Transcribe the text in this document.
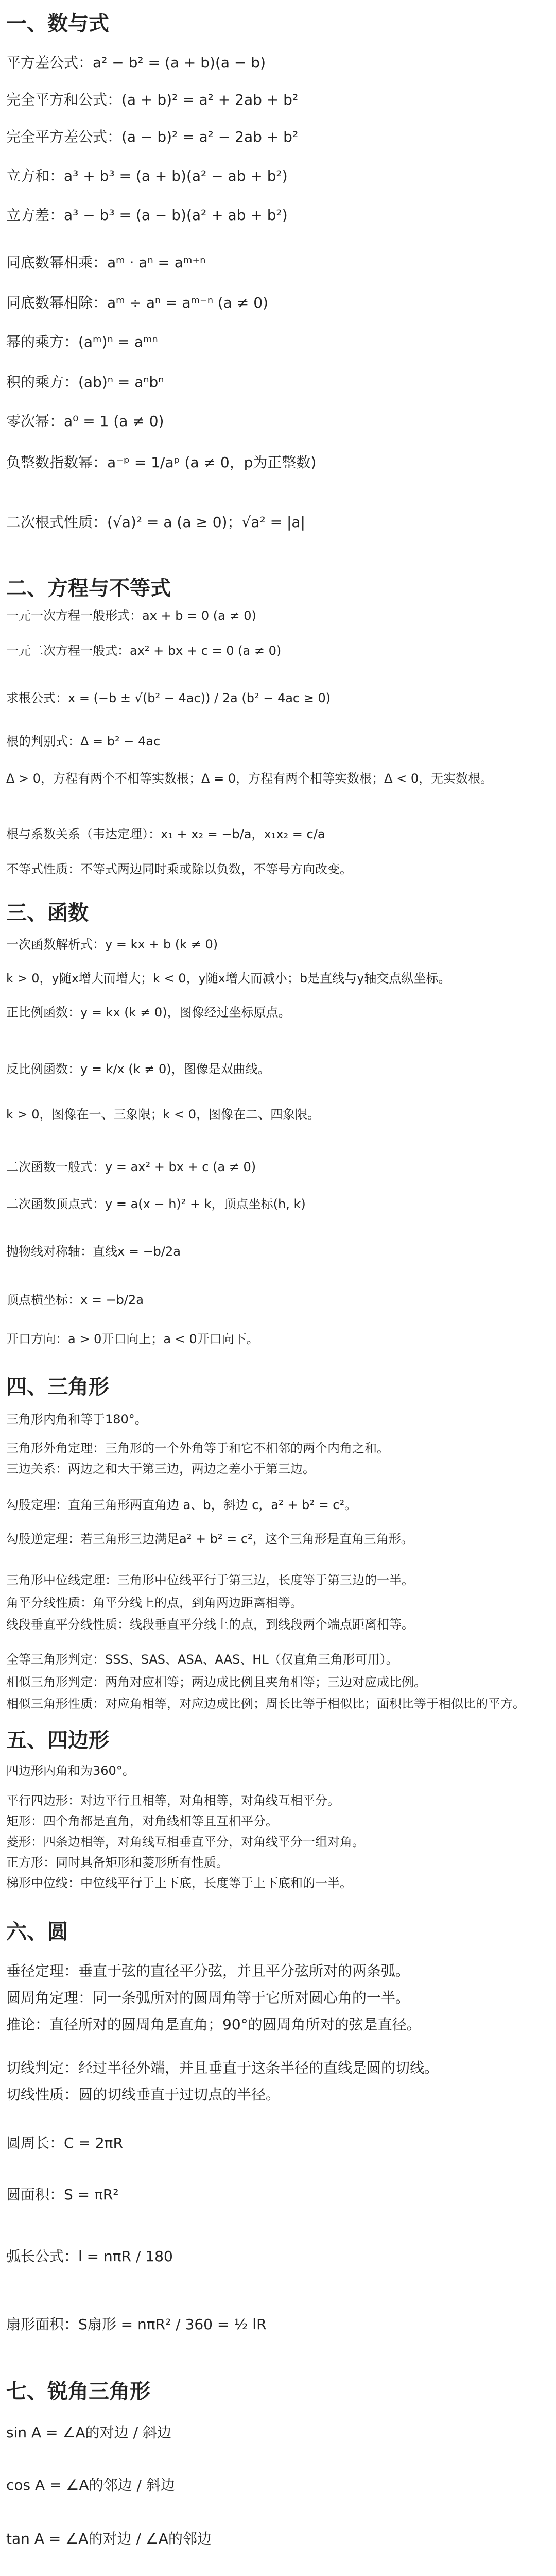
一、数与式
平方差公式：a² − b² = (a + b)(a − b)
完全平方和公式：(a + b)² = a² + 2ab + b²
完全平方差公式：(a − b)² = a² − 2ab + b²
立方和：a³ + b³ = (a + b)(a² − ab + b²)
立方差：a³ − b³ = (a − b)(a² + ab + b²)
同底数幂相乘：aᵐ · aⁿ = aᵐ⁺ⁿ
同底数幂相除：aᵐ ÷ aⁿ = aᵐ⁻ⁿ (a ≠ 0)
幂的乘方：(aᵐ)ⁿ = aᵐⁿ
积的乘方：(ab)ⁿ = aⁿbⁿ
零次幂：a⁰ = 1 (a ≠ 0)
负整数指数幂：a⁻ᵖ = 1/aᵖ (a ≠ 0，p为正整数)
二次根式性质：(√a)² = a (a ≥ 0)；√a² = |a|
二、方程与不等式
一元一次方程一般形式：ax + b = 0 (a ≠ 0)
一元二次方程一般式：ax² + bx + c = 0 (a ≠ 0)
求根公式：x = (−b ± √(b² − 4ac)) / 2a (b² − 4ac ≥ 0)
根的判别式：Δ = b² − 4ac
Δ > 0，方程有两个不相等实数根；Δ = 0，方程有两个相等实数根；Δ < 0，无实数根。
根与系数关系（韦达定理）：x₁ + x₂ = −b/a，x₁x₂ = c/a
不等式性质：不等式两边同时乘或除以负数，不等号方向改变。
三、函数
一次函数解析式：y = kx + b (k ≠ 0)
k > 0，y随x增大而增大；k < 0，y随x增大而减小；b是直线与y轴交点纵坐标。
正比例函数：y = kx (k ≠ 0)，图像经过坐标原点。
反比例函数：y = k/x (k ≠ 0)，图像是双曲线。
k > 0，图像在一、三象限；k < 0，图像在二、四象限。
二次函数一般式：y = ax² + bx + c (a ≠ 0)
二次函数顶点式：y = a(x − h)² + k，顶点坐标(h, k)
抛物线对称轴：直线x = −b/2a
顶点横坐标：x = −b/2a
开口方向：a > 0开口向上；a < 0开口向下。
四、三角形
三角形内角和等于180°。
三角形外角定理：三角形的一个外角等于和它不相邻的两个内角之和。
三边关系：两边之和大于第三边，两边之差小于第三边。
勾股定理：直角三角形两直角边 a、b，斜边 c，a² + b² = c²。
勾股逆定理：若三角形三边满足a² + b² = c²，这个三角形是直角三角形。
三角形中位线定理：三角形中位线平行于第三边，长度等于第三边的一半。
角平分线性质：角平分线上的点，到角两边距离相等。
线段垂直平分线性质：线段垂直平分线上的点，到线段两个端点距离相等。
全等三角形判定：SSS、SAS、ASA、AAS、HL（仅直角三角形可用）。
相似三角形判定：两角对应相等；两边成比例且夹角相等；三边对应成比例。
相似三角形性质：对应角相等，对应边成比例；周长比等于相似比；面积比等于相似比的平方。
五、四边形
四边形内角和为360°。
平行四边形：对边平行且相等，对角相等，对角线互相平分。
矩形：四个角都是直角，对角线相等且互相平分。
菱形：四条边相等，对角线互相垂直平分，对角线平分一组对角。
正方形：同时具备矩形和菱形所有性质。
梯形中位线：中位线平行于上下底，长度等于上下底和的一半。
六、圆
垂径定理：垂直于弦的直径平分弦，并且平分弦所对的两条弧。
圆周角定理：同一条弧所对的圆周角等于它所对圆心角的一半。
推论：直径所对的圆周角是直角；90°的圆周角所对的弦是直径。
切线判定：经过半径外端，并且垂直于这条半径的直线是圆的切线。
切线性质：圆的切线垂直于过切点的半径。
圆周长：C = 2πR
圆面积：S = πR²
弧长公式：l = nπR / 180
扇形面积：S扇形 = nπR² / 360 = ½ lR
七、锐角三角形
sin A = ∠A的对边 / 斜边
cos A = ∠A的邻边 / 斜边
tan A = ∠A的对边 / ∠A的邻边
